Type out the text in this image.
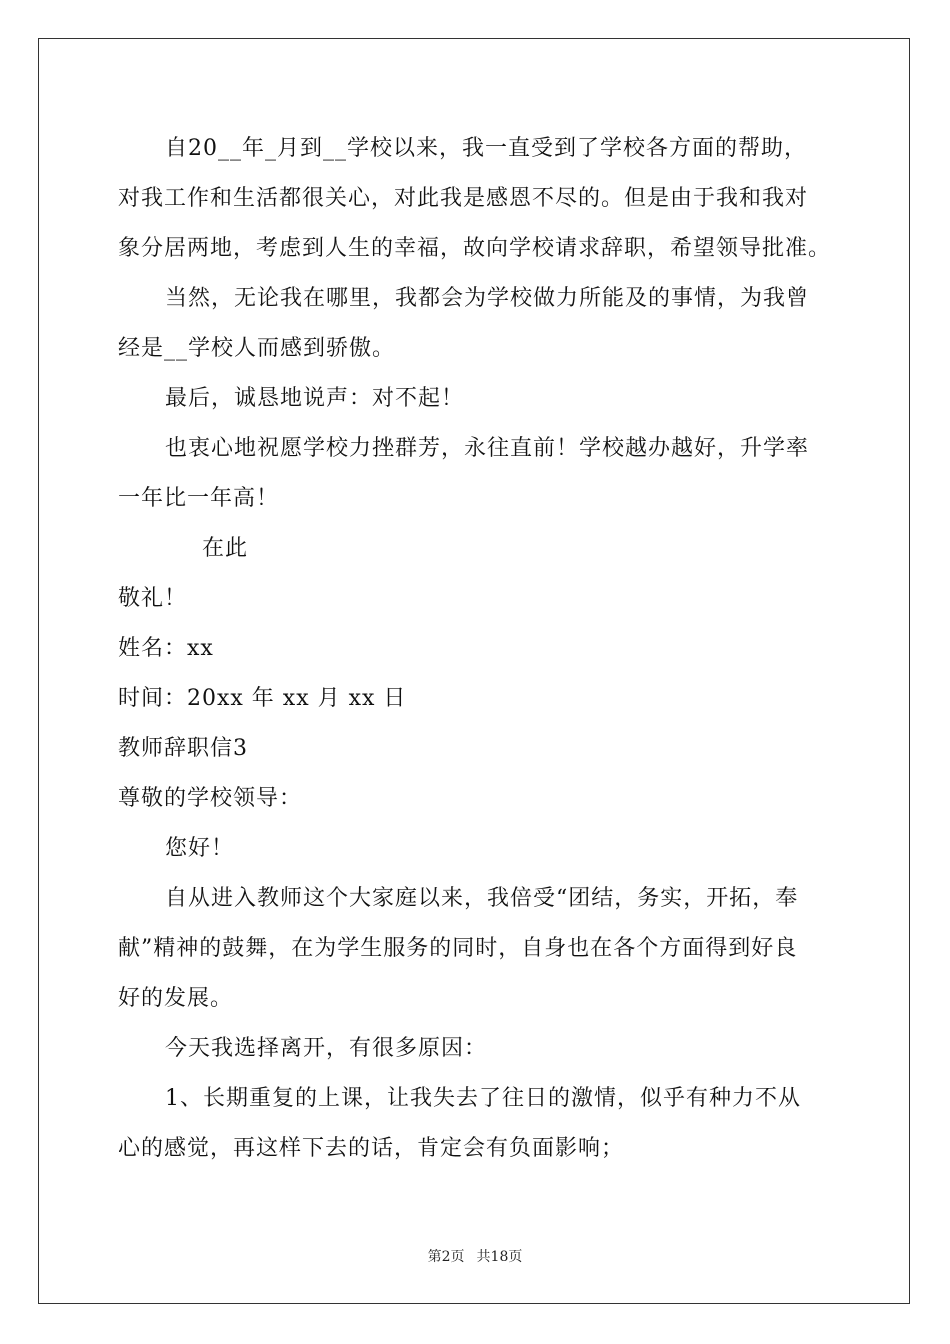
自20__年_月到__学校以来，我一直受到了学校各方面的帮助，
对我工作和生活都很关心，对此我是感恩不尽的。但是由于我和我对
象分居两地，考虑到人生的幸福，故向学校请求辞职，希望领导批准。
当然，无论我在哪里，我都会为学校做力所能及的事情，为我曾
经是__学校人而感到骄傲。
最后，诚恳地说声：对不起！
也衷心地祝愿学校力挫群芳，永往直前！学校越办越好，升学率
一年比一年高！
在此
敬礼！
姓名：xx
时间：20xx 年 xx 月 xx 日
教师辞职信3
尊敬的学校领导：
您好！
自从进入教师这个大家庭以来，我倍受“团结，务实，开拓，奉
献”精神的鼓舞，在为学生服务的同时，自身也在各个方面得到好良
好的发展。
今天我选择离开，有很多原因：
1、长期重复的上课，让我失去了往日的激情，似乎有种力不从
心的感觉，再这样下去的话，肯定会有负面影响；
第2页 共18页
